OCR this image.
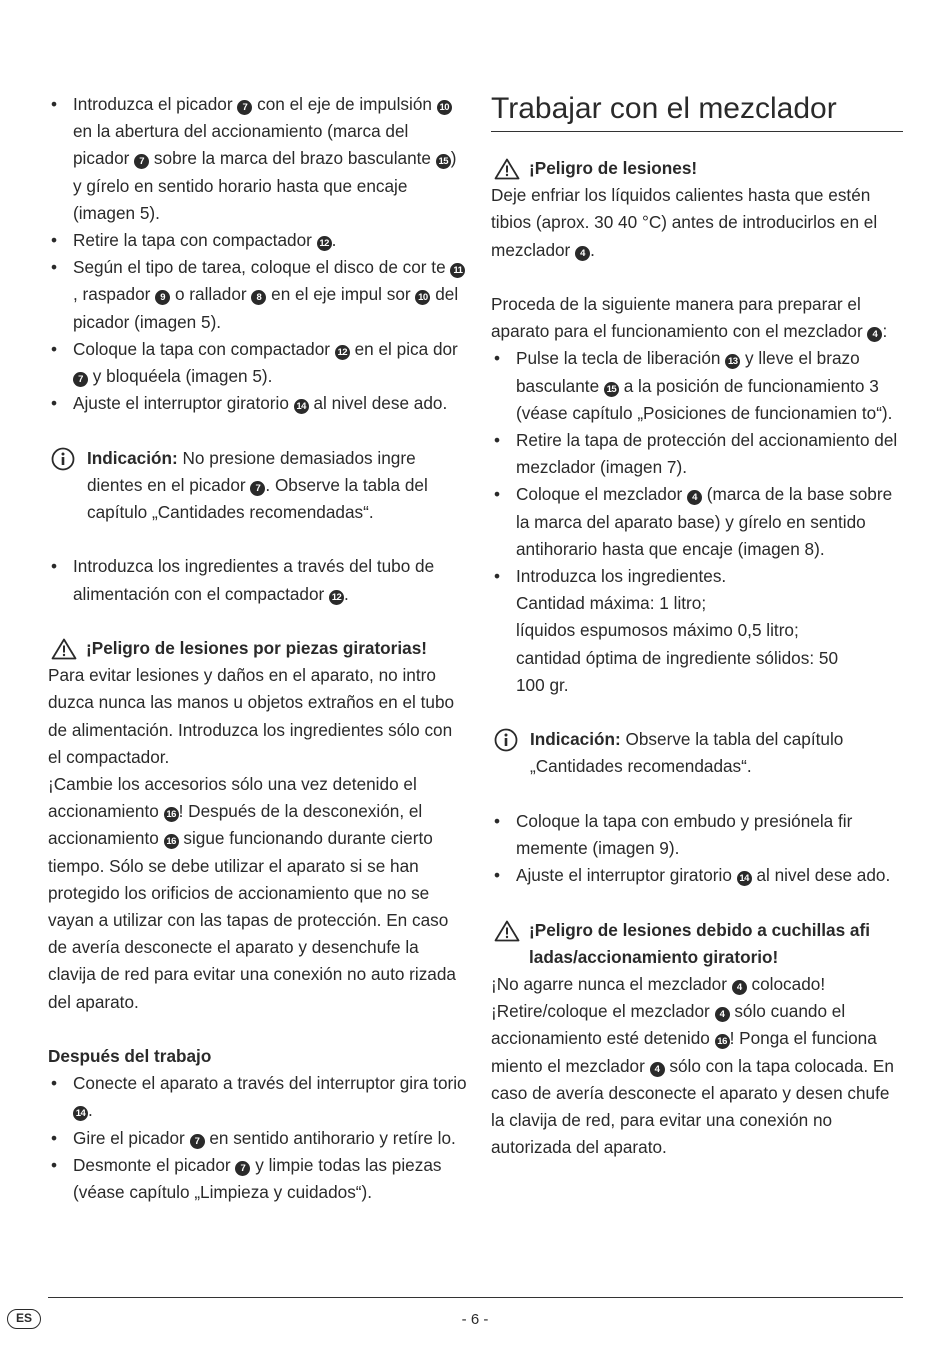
• Introduzca el picador 7 con el eje de impulsión 10 en la abertura del accionamiento (marca del picador 7 sobre la marca del brazo basculante 15 ) y gírelo en sentido horario hasta que encaje (imagen 5).
• Retire la tapa con compactador 12 .
• Según el tipo de tarea, coloque el disco de cor te 11, raspador 9 o rallador 8 en el eje impul sor 10 del picador (imagen 5).
• Coloque la tapa con compactador 12 en el pica dor 7 y bloquéela (imagen 5).
• Ajuste el interruptor giratorio 14 al nivel dese ado.
Indicación: No presione demasiados ingre dientes en el picador 7 . Observe la tabla del capítulo „Cantidades recomendadas“.
• Introduzca los ingredientes a través del tubo de alimentación con el compactador 12 .
¡Peligro de lesiones por piezas giratorias!

Para evitar lesiones y daños en el aparato, no intro duzca nunca las manos u objetos extraños en el tubo de alimentación. Introduzca los ingredientes sólo con el compactador.

¡Cambie los accesorios sólo una vez detenido el accionamiento 16 ! Después de la desconexión, el accionamiento 16 sigue funcionando durante cierto tiempo. Sólo se debe utilizar el aparato si se han protegido los orificios de accionamiento que no se vayan a utilizar con las tapas de protección. En caso de avería desconecte el aparato y desenchufe la clavija de red para evitar una conexión no auto rizada del aparato.

Después del trabajo

• Conecte el aparato a través del interruptor gira torio 14 .
• Gire el picador 7 en sentido antihorario y retíre lo.
• Desmonte el picador 7 y limpie todas las piezas (véase capítulo „Limpieza y cuidados“).
Trabajar con el mezclador
¡Peligro de lesiones!

Deje enfriar los líquidos calientes hasta que estén tibios (aprox. 30 40 °C) antes de introducirlos en el mezclador 4 .

Proceda de la siguiente manera para preparar el aparato para el funcionamiento con el mezclador 4 :

• Pulse la tecla de liberación 13 y lleve el brazo basculante 15 a la posición de funcionamiento 3 (véase capítulo „Posiciones de funcionamien to“).
• Retire la tapa de protección del accionamiento del mezclador (imagen 7).
• Coloque el mezclador 4 (marca de la base sobre la marca del aparato base) y gírelo en sentido antihorario hasta que encaje (imagen 8).
• Introduzca los ingredientes.
Cantidad máxima: 1 litro;
líquidos espumosos máximo 0,5 litro;
cantidad óptima de ingrediente sólidos: 50
100 gr.
Indicación: Observe la tabla del capítulo „Cantidades recomendadas“.
• Coloque la tapa con embudo y presiónela fir memente (imagen 9).
• Ajuste el interruptor giratorio 14 al nivel dese ado.
¡Peligro de lesiones debido a cuchillas afi ladas/accionamiento giratorio!

¡No agarre nunca el mezclador 4 colocado! ¡Retire/coloque el mezclador 4 sólo cuando el accionamiento esté detenido 16 ! Ponga el funciona miento el mezclador 4 sólo con la tapa colocada. En caso de avería desconecte el aparato y desen chufe la clavija de red, para evitar una conexión no autorizada del aparato.

ES	- 6 -
